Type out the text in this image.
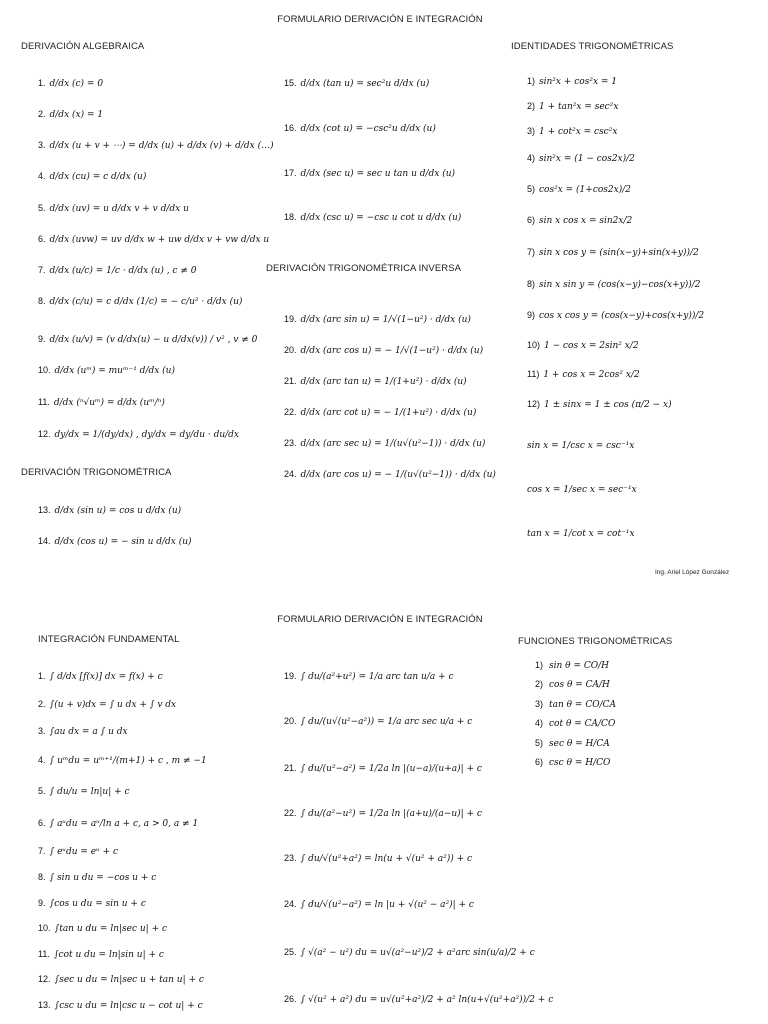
FORMULARIO DERIVACIÓN E INTEGRACIÓN
DERIVACIÓN ALGEBRAICA	IDENTIDADES TRIGONOMÉTRICAS
DERIVACIÓN TRIGONOMÉTRICA
DERIVACIÓN TRIGONOMÉTRICA INVERSA
1. d/dx (c) = 0
2. d/dx (x) = 1
3. d/dx (u + v + ⋯) = d/dx (u) + d/dx (v) + d/dx (…)
4. d/dx (cu) = c d/dx (u)
5. d/dx (uv) = u d/dx v + v d/dx u
6. d/dx (uvw) = uv d/dx w + uw d/dx v + vw d/dx u
7. d/dx (u/c) = 1/c · d/dx (u) , c ≠ 0
8. d/dx (c/u) = c d/dx (1/c) = − c/u² · d/dx (u)
9. d/dx (u/v) = (v d/dx(u) − u d/dx(v)) / v² , v ≠ 0
10. d/dx (uᵐ) = muᵐ⁻¹ d/dx (u)
11. d/dx (ⁿ√uᵐ) = d/dx (uᵐ/ⁿ)
12. dy/dx = 1/(dy/dx) , dy/dx = dy/du · du/dx
13. d/dx (sin u) = cos u d/dx (u)
14. d/dx (cos u) = − sin u d/dx (u)
15. d/dx (tan u) = sec²u d/dx (u)
16. d/dx (cot u) = −csc²u d/dx (u)
17. d/dx (sec u) = sec u tan u d/dx (u)
18. d/dx (csc u) = −csc u cot u d/dx (u)
19. d/dx (arc sin u) = 1/√(1−u²) · d/dx (u)
20. d/dx (arc cos u) = − 1/√(1−u²) · d/dx (u)
21. d/dx (arc tan u) = 1/(1+u²) · d/dx (u)
22. d/dx (arc cot u) = − 1/(1+u²) · d/dx (u)
23. d/dx (arc sec u) = 1/(u√(u²−1)) · d/dx (u)
24. d/dx (arc cos u) = − 1/(u√(u²−1)) · d/dx (u)
1) sin²x + cos²x = 1
2) 1 + tan²x = sec²x
3) 1 + cot²x = csc²x
4) sin²x = (1 − cos2x)/2
5) cos²x = (1+cos2x)/2
6) sin x cos x = sin2x/2
7) sin x cos y = (sin(x−y)+sin(x+y))/2
8) sin x sin y = (cos(x−y)−cos(x+y))/2
9) cos x cos y = (cos(x−y)+cos(x+y))/2
10) 1 − cos x = 2sin² x/2
11) 1 + cos x = 2cos² x/2
12) 1 ± sinx = 1 ± cos (π/2 − x)
sin x = 1/csc x = csc⁻¹x
cos x = 1/sec x = sec⁻¹x
tan x = 1/cot x = cot⁻¹x
Ing. Ariel López González
FORMULARIO DERIVACIÓN E INTEGRACIÓN
INTEGRACIÓN FUNDAMENTAL	FUNCIONES TRIGONOMÉTRICAS
1. ∫ d/dx [f(x)] dx = f(x) + c
2. ∫(u + v)dx = ∫ u dx + ∫ v dx
3. ∫au dx = a ∫ u dx
4. ∫ uᵐdu = uᵐ⁺¹/(m+1) + c , m ≠ −1
5. ∫ du/u = ln|u| + c
6. ∫ aᵘdu = aᵘ/ln a + c, a > 0, a ≠ 1
7. ∫ eᵘdu = eᵘ + c
8. ∫ sin u du = −cos u + c
9. ∫cos u du = sin u + c
10. ∫tan u du = ln|sec u| + c
11. ∫cot u du = ln|sin u| + c
12. ∫sec u du = ln|sec u + tan u| + c
13. ∫csc u du = ln|csc u − cot u| + c
19. ∫ du/(a²+u²) = 1/a arc tan u/a + c
20. ∫ du/(u√(u²−a²)) = 1/a arc sec u/a + c
21. ∫ du/(u²−a²) = 1/2a ln |(u−a)/(u+a)| + c
22. ∫ du/(a²−u²) = 1/2a ln |(a+u)/(a−u)| + c
23. ∫ du/√(u²+a²) = ln(u + √(u² + a²)) + c
24. ∫ du/√(u²−a²) = ln |u + √(u² − a²)| + c
25. ∫ √(a² − u²) du = u√(a²−u²)/2 + a²arc sin(u/a)/2 + c
26. ∫ √(u² + a²) du = u√(u²+a²)/2 + a² ln(u+√(u²+a²))/2 + c
1) sin θ = CO/H
2) cos θ = CA/H
3) tan θ = CO/CA
4) cot θ = CA/CO
5) sec θ = H/CA
6) csc θ = H/CO
